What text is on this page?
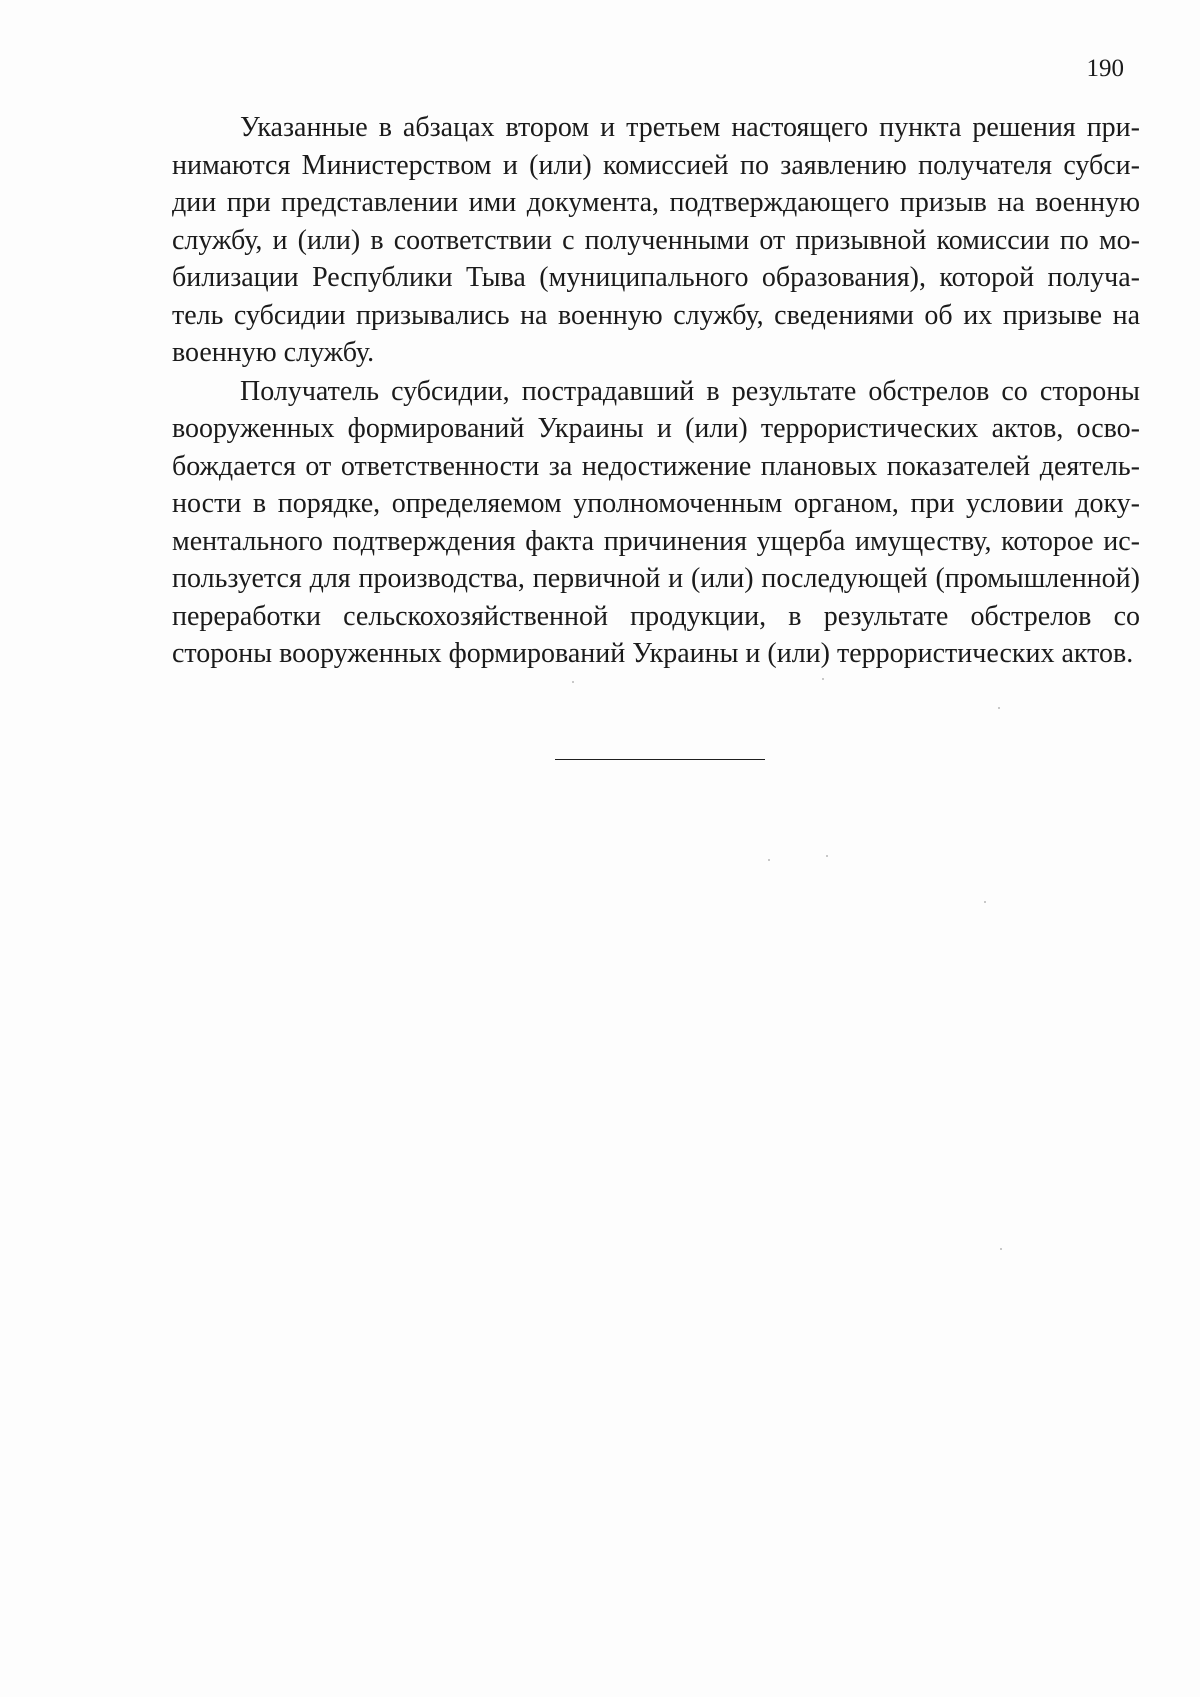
190

Указанные в абзацах втором и третьем настоящего пункта решения принимаются Министерством и (или) комиссией по заявлению получателя субсидии при представлении ими документа, подтверждающего призыв на военную службу, и (или) в соответствии с полученными от призывной комиссии по мобилизации Республики Тыва (муниципального образования), которой получатель субсидии призывались на военную службу, сведениями об их призыве на военную службу.

Получатель субсидии, пострадавший в результате обстрелов со стороны вооруженных формирований Украины и (или) террористических актов, освобождается от ответственности за недостижение плановых показателей деятельности в порядке, определяемом уполномоченным органом, при условии документального подтверждения факта причинения ущерба имуществу, которое используется для производства, первичной и (или) последующей (промышленной) переработки сельскохозяйственной продукции, в результате обстрелов со стороны вооруженных формирований Украины и (или) террористических актов.
